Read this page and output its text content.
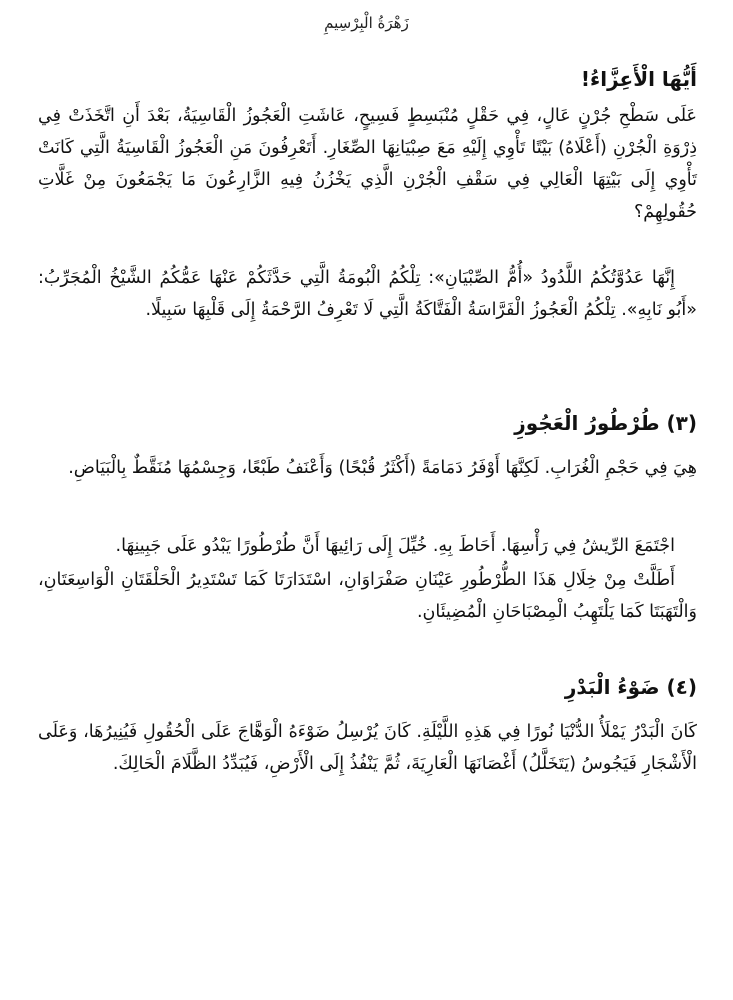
زَهْرَةُ الْبِرْسِيمِ
أَيُّهَا الْأَعِزَّاءُ!

عَلَى سَطْحِ جُرْنٍ عَالٍ، فِي حَقْلٍ مُنْبَسِطٍ فَسِيحٍ، عَاشَتِ الْعَجُوزُ الْقَاسِيَةُ، بَعْدَ أَنِ اتَّخَذَتْ فِي ذِرْوَةِ الْجُرْنِ (أَعْلَاهُ) بَيْتًا تَأْوِي إِلَيْهِ مَعَ صِبْيَانِهَا الصِّغَارِ. أَتَعْرِفُونَ مَنِ الْعَجُوزُ الْقَاسِيَةُ الَّتِي كَانَتْ تَأْوِي إِلَى بَيْتِهَا الْعَالِي فِي سَقْفِ الْجُرْنِ الَّذِي يَخْزُنُ فِيهِ الزَّارِعُونَ مَا يَجْمَعُونَ مِنْ غَلَّاتِ حُقُولِهِمْ؟

إِنَّهَا عَدُوَّتُكُمُ اللَّدُودُ «أُمُّ الصِّبْيَانِ»: تِلْكُمُ الْبُومَةُ الَّتِي حَدَّثَكُمْ عَنْهَا عَمُّكُمُ الشَّيْخُ الْمُجَرِّبُ: «أَبُو نَابِهِ». تِلْكُمُ الْعَجُوزُ الْفَرَّاسَةُ الْفَتَّاكَةُ الَّتِي لَا تَعْرِفُ الرَّحْمَةُ إِلَى قَلْبِهَا سَبِيلًا.

(٣) طُرْطُورُ الْعَجُوزِ

هِيَ فِي حَجْمِ الْغُرَابِ. لَكِنَّهَا أَوْفَرُ دَمَامَةً (أَكْثَرُ قُبْحًا) وَأَعْنَفُ طَبْعًا، وَجِسْمُهَا مُنَقَّطٌ بِالْبَيَاضِ.

اجْتَمَعَ الرِّيشُ فِي رَأْسِهَا. أَحَاطَ بِهِ. خُيِّلَ إِلَى رَائِيهَا أَنَّ طُرْطُورًا يَبْدُو عَلَى جَبِينِهَا.

أَطَلَّتْ مِنْ خِلَالِ هَذَا الطُّرْطُورِ عَيْنَانِ صَفْرَاوَانِ، اسْتَدَارَتَا كَمَا تَسْتَدِيرُ الْحَلْقَتَانِ الْوَاسِعَتَانِ، وَالْتَهَبَتَا كَمَا يَلْتَهِبُ الْمِصْبَاحَانِ الْمُضِيئَانِ.

(٤) ضَوْءُ الْبَدْرِ

كَانَ الْبَدْرُ يَمْلَأُ الدُّنْيَا نُورًا فِي هَذِهِ اللَّيْلَةِ. كَانَ يُرْسِلُ ضَوْءَهُ الْوَهَّاجَ عَلَى الْحُقُولِ فَيُنِيرُهَا، وَعَلَى الْأَشْجَارِ فَيَجُوسُ (يَتَخَلَّلُ) أَغْصَانَهَا الْعَارِيَةَ، ثُمَّ يَنْفُذُ إِلَى الْأَرْضِ، فَيُبَدِّدُ الظَّلَامَ الْحَالِكَ.
